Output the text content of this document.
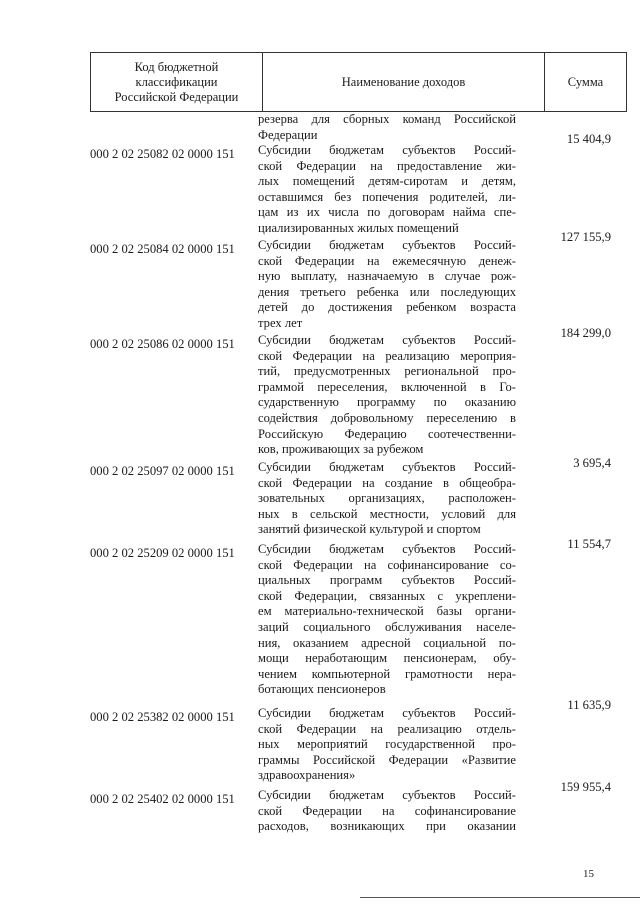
Код бюджетной
классификации
Российской Федерации
Наименование доходов	Сумма
резерва для сборных команд Российской
Федерации
000 2 02 25082 02 0000 151
15 404,9
Субсидии бюджетам субъектов Россий-
ской Федерации на предоставление жи-
лых помещений детям-сиротам и детям,
оставшимся без попечения родителей, ли-
цам из их числа по договорам найма спе-
циализированных жилых помещений
000 2 02 25084 02 0000 151
127 155,9
Субсидии бюджетам субъектов Россий-
ской Федерации на ежемесячную денеж-
ную выплату, назначаемую в случае рож-
дения третьего ребенка или последующих
детей до достижения ребенком возраста
трех лет
000 2 02 25086 02 0000 151
184 299,0
Субсидии бюджетам субъектов Россий-
ской Федерации на реализацию мероприя-
тий, предусмотренных региональной про-
граммой переселения, включенной в Го-
сударственную программу по оказанию
содействия добровольному переселению в
Российскую Федерацию соотечественни-
ков, проживающих за рубежом
000 2 02 25097 02 0000 151
3 695,4
Субсидии бюджетам субъектов Россий-
ской Федерации на создание в общеобра-
зовательных организациях, расположен-
ных в сельской местности, условий для
занятий физической культурой и спортом
000 2 02 25209 02 0000 151
11 554,7
Субсидии бюджетам субъектов Россий-
ской Федерации на софинансирование со-
циальных программ субъектов Россий-
ской Федерации, связанных с укреплени-
ем материально-технической базы органи-
заций социального обслуживания населе-
ния, оказанием адресной социальной по-
мощи неработающим пенсионерам, обу-
чением компьютерной грамотности нера-
ботающих пенсионеров
000 2 02 25382 02 0000 151
11 635,9
Субсидии бюджетам субъектов Россий-
ской Федерации на реализацию отдель-
ных мероприятий государственной про-
граммы Российской Федерации «Развитие
здравоохранения»
000 2 02 25402 02 0000 151
159 955,4
Субсидии бюджетам субъектов Россий-
ской Федерации на софинансирование
расходов, возникающих при оказании
15
